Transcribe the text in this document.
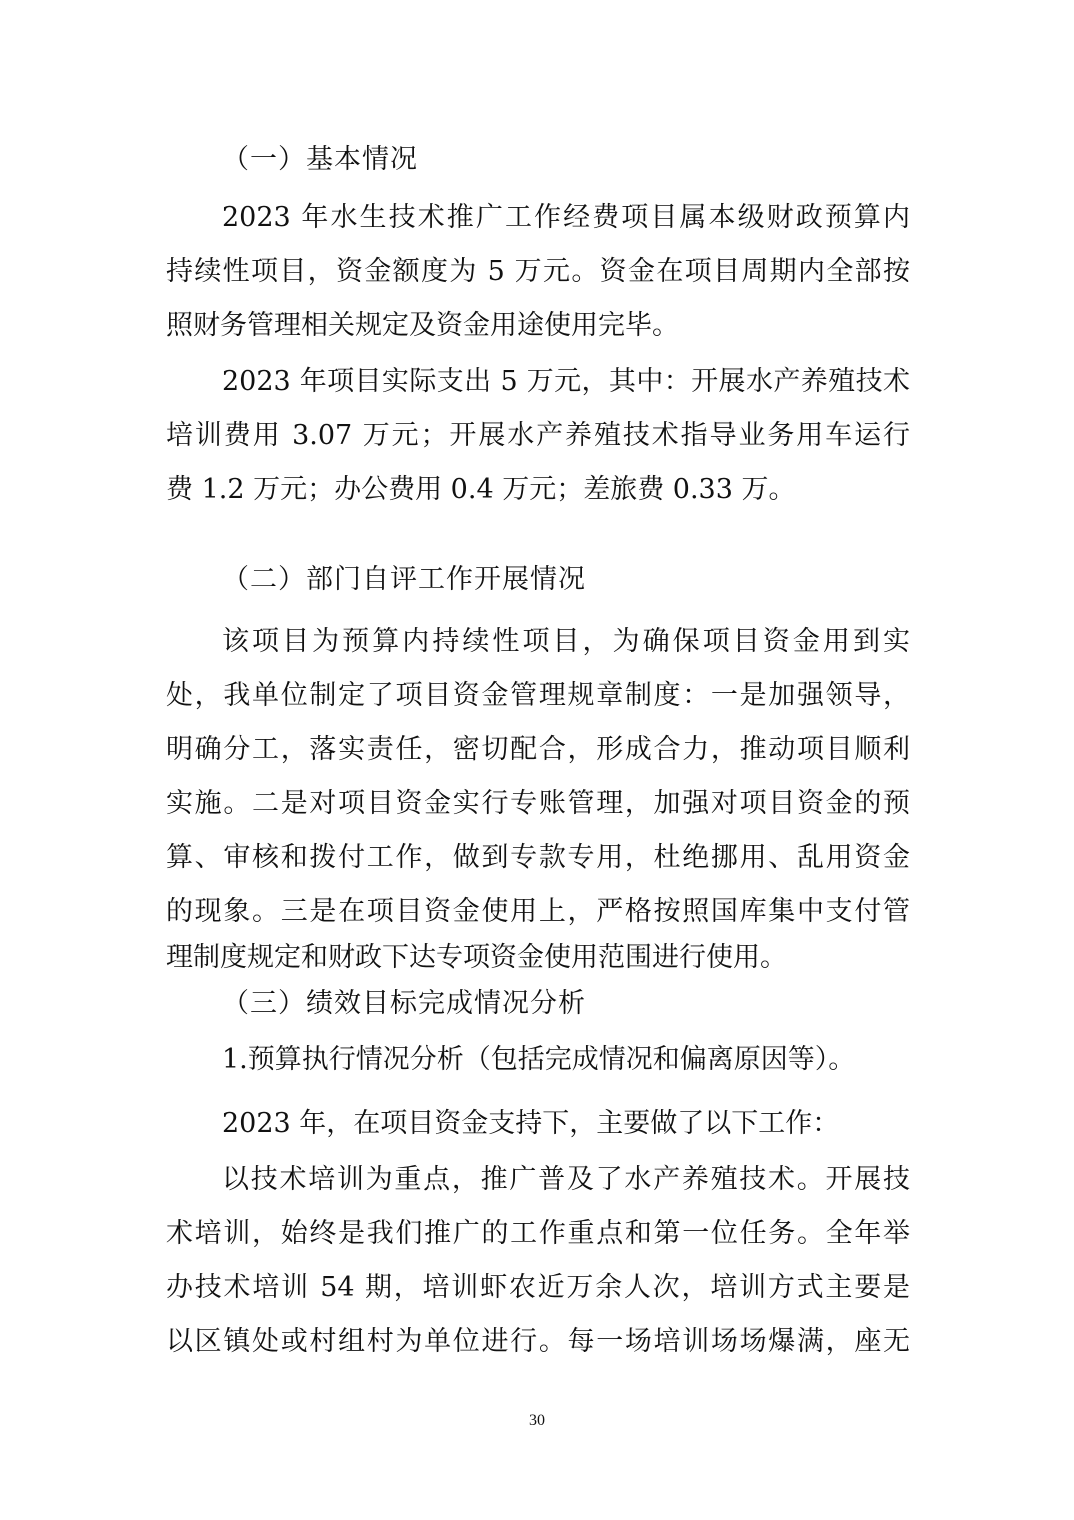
（一）基本情况
2023 年水生技术推广工作经费项目属本级财政预算内
持续性项目，资金额度为 5 万元。资金在项目周期内全部按
照财务管理相关规定及资金用途使用完毕。
2023 年项目实际支出 5 万元，其中：开展水产养殖技术
培训费用 3.07 万元；开展水产养殖技术指导业务用车运行
费 1.2 万元；办公费用 0.4 万元；差旅费 0.33 万。
（二）部门自评工作开展情况
该项目为预算内持续性项目，为确保项目资金用到实
处，我单位制定了项目资金管理规章制度：一是加强领导，
明确分工，落实责任，密切配合，形成合力，推动项目顺利
实施。二是对项目资金实行专账管理，加强对项目资金的预
算、审核和拨付工作，做到专款专用，杜绝挪用、乱用资金
的现象。三是在项目资金使用上，严格按照国库集中支付管
理制度规定和财政下达专项资金使用范围进行使用。
（三）绩效目标完成情况分析
1.预算执行情况分析（包括完成情况和偏离原因等）。
2023 年，在项目资金支持下，主要做了以下工作：
以技术培训为重点，推广普及了水产养殖技术。开展技
术培训，始终是我们推广的工作重点和第一位任务。全年举
办技术培训 54 期，培训虾农近万余人次，培训方式主要是
以区镇处或村组村为单位进行。每一场培训场场爆满，座无
30
